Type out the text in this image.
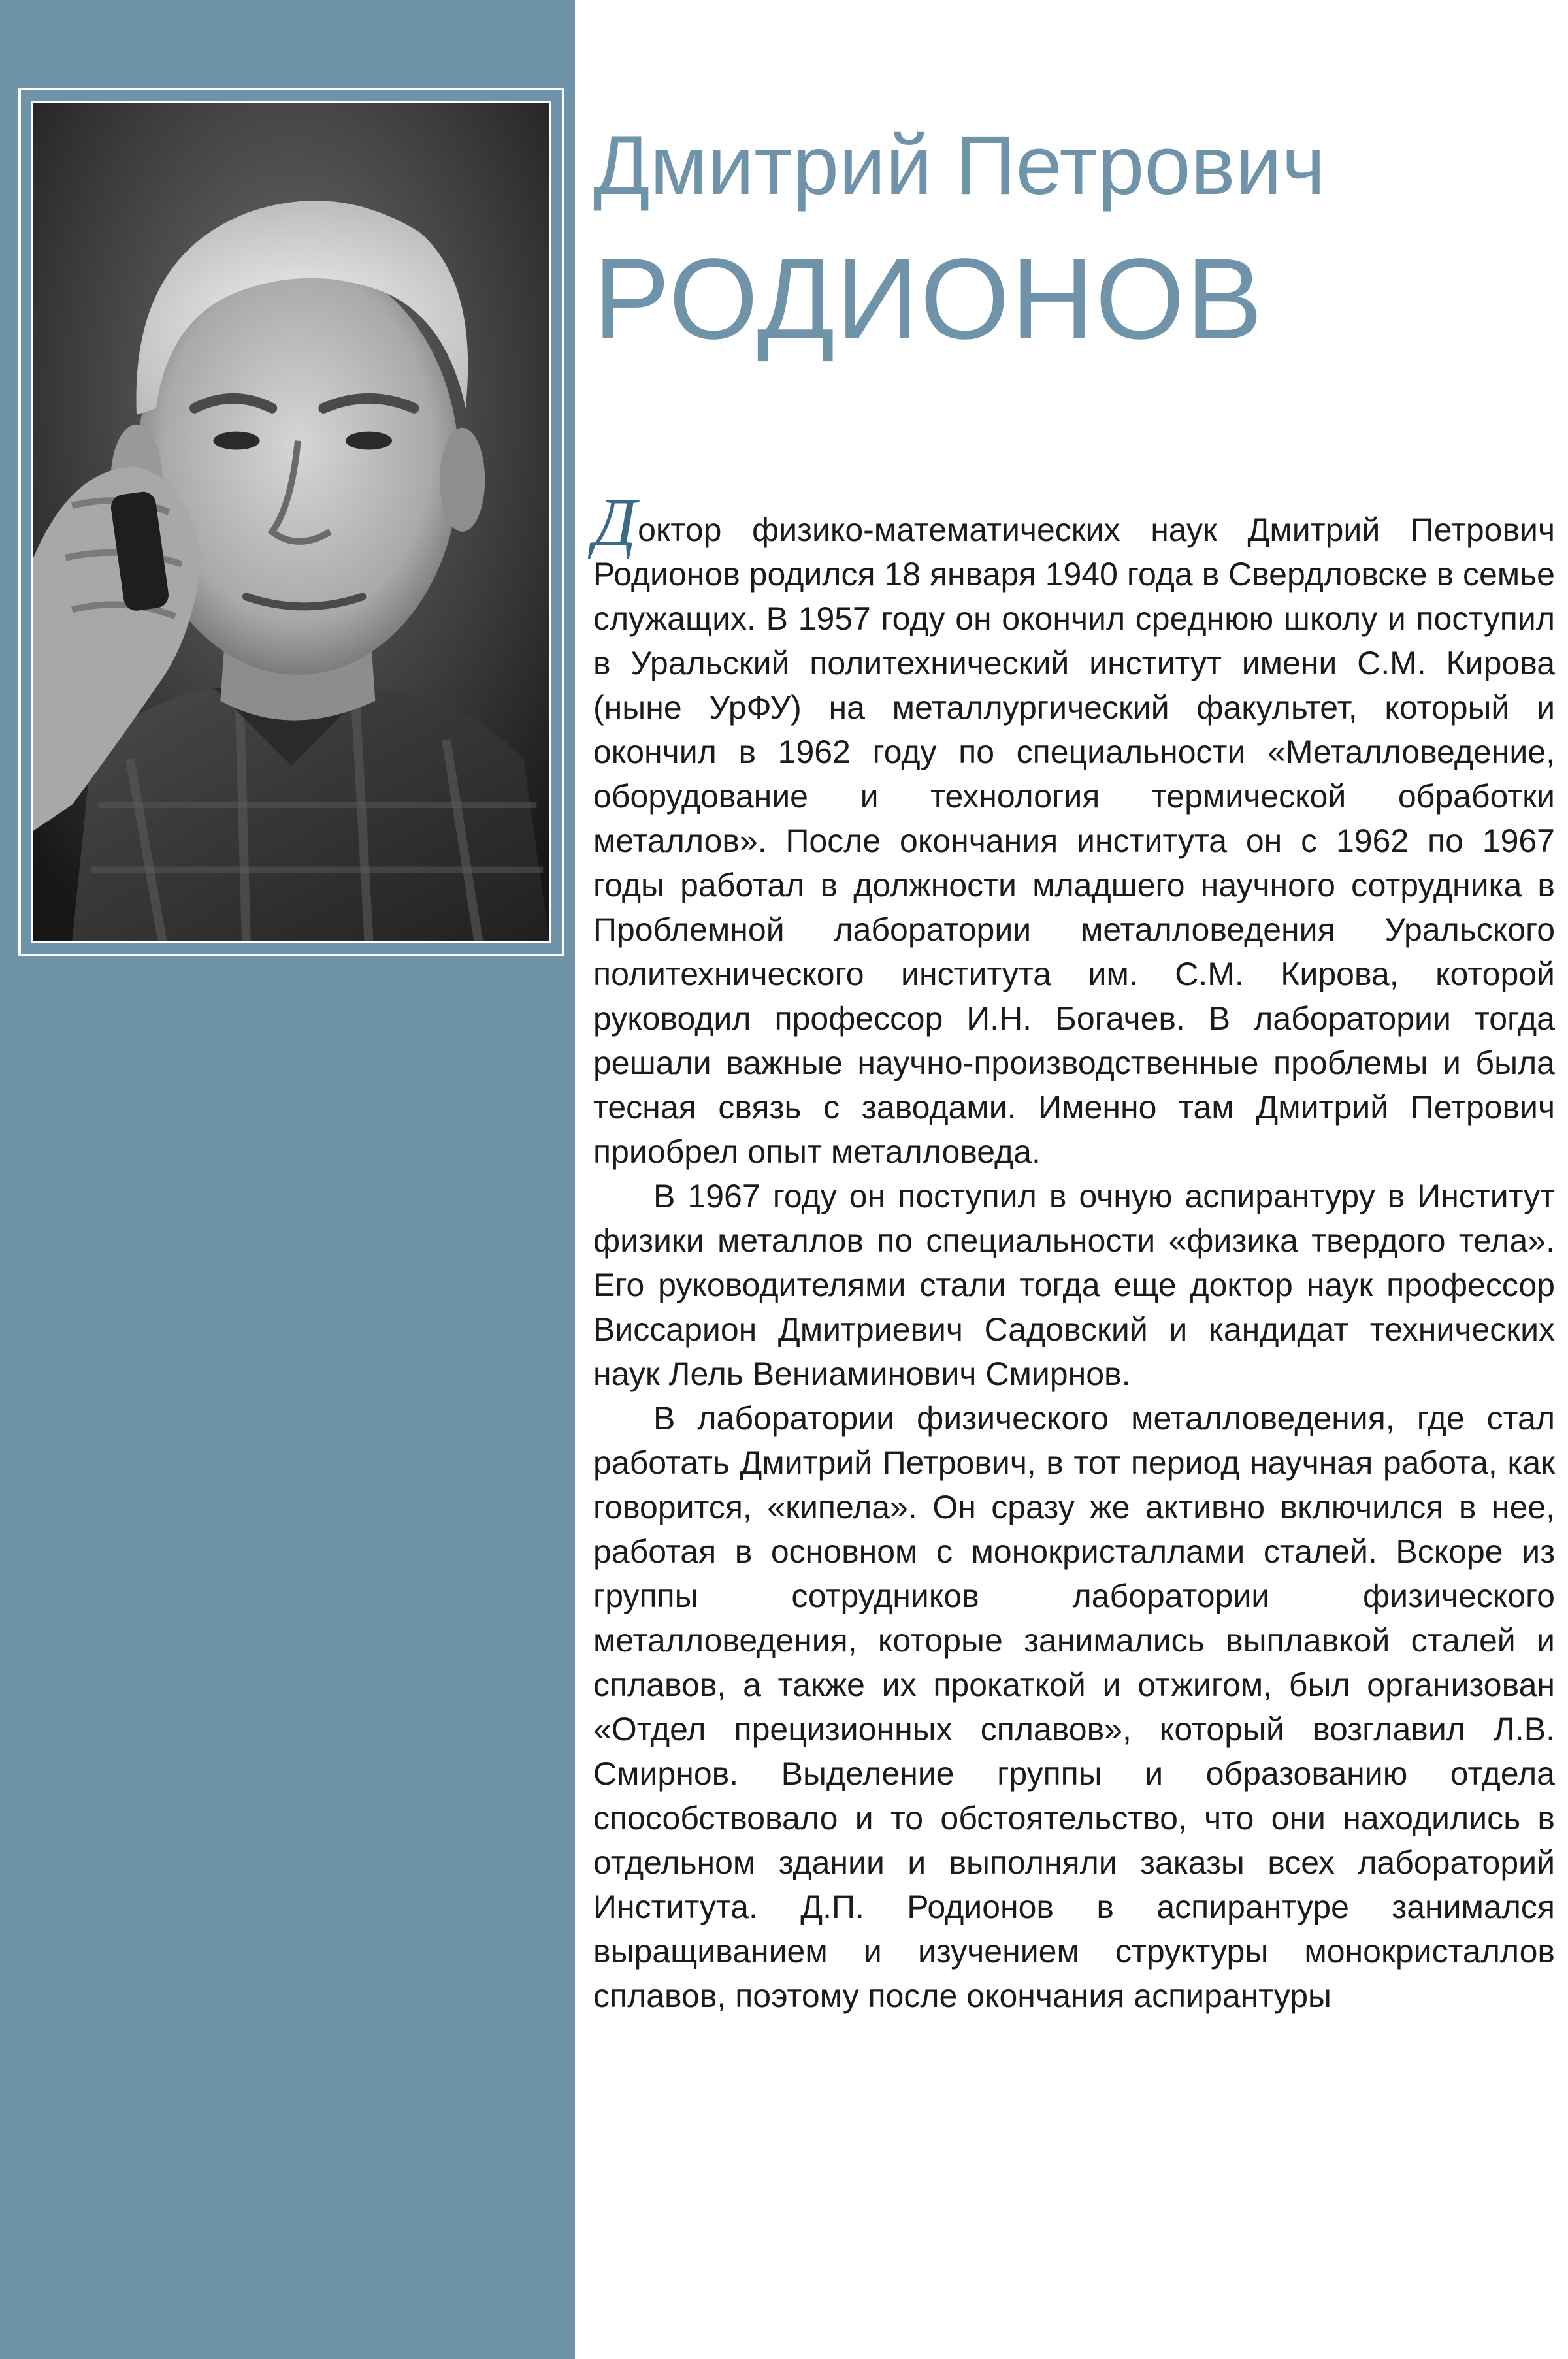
Дмитрий Петрович
РОДИОНОВ

Доктор физико-математических наук Дмитрий Петрович Родионов родился 18 января 1940 года в Свердловске в семье служащих. В 1957 году он окончил среднюю школу и поступил в Уральский политехнический институт имени С.М. Кирова (ныне УрФУ) на металлургический факультет, который и окончил в 1962 году по специальности «Металловедение, оборудование и технология термической обработки металлов». После окончания института он с 1962 по 1967 годы работал в должности младшего научного сотрудника в Проблемной лаборатории металловедения Уральского политехнического института им. С.М. Кирова, которой руководил профессор И.Н. Богачев. В лаборатории тогда решали важные научно-производственные проблемы и была тесная связь с заводами. Именно там Дмитрий Петрович приобрел опыт металловеда.

В 1967 году он поступил в очную аспирантуру в Институт физики металлов по специальности «физика твердого тела». Его руководителями стали тогда еще доктор наук профессор Виссарион Дмитриевич Садовский и кандидат технических наук Лель Вениаминович Смирнов.

В лаборатории физического металловедения, где стал работать Дмитрий Петрович, в тот период научная работа, как говорится, «кипела». Он сразу же активно включился в нее, работая в основном с монокристаллами сталей. Вскоре из группы сотрудников лаборатории физического металловедения, которые занимались выплавкой сталей и сплавов, а также их прокаткой и отжигом, был организован «Отдел прецизионных сплавов», который возглавил Л.В. Смирнов. Выделение группы и образованию отдела способствовало и то обстоятельство, что они находились в отдельном здании и выполняли заказы всех лабораторий Института. Д.П. Родионов в аспирантуре занимался выращиванием и изучением структуры монокристаллов сплавов, поэтому после окончания аспирантуры
